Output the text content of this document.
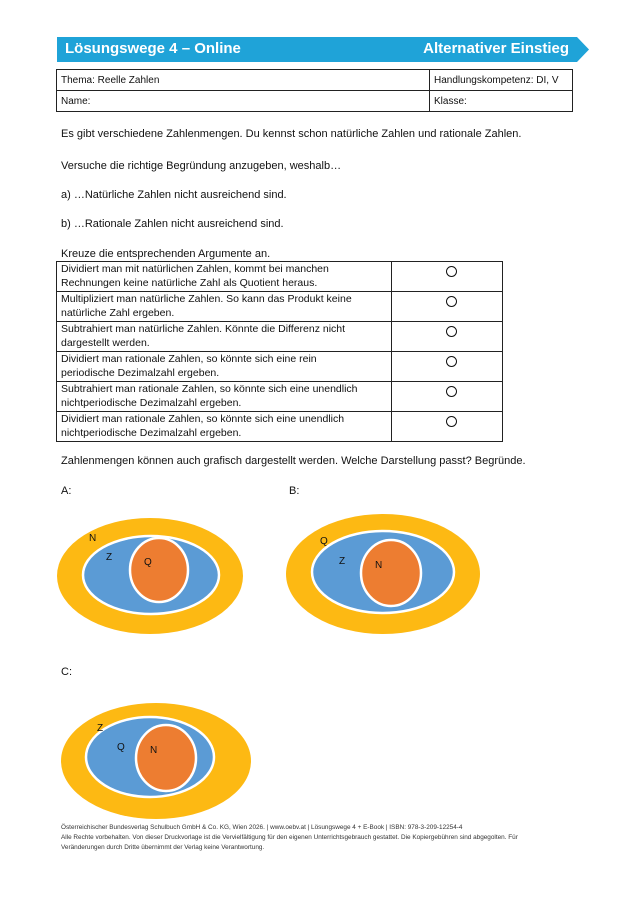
Lösungswege 4 – Online	Alternativer Einstieg
Thema: Reelle Zahlen	Handlungskompetenz: DI, V
Name:	Klasse:
Es gibt verschiedene Zahlenmengen. Du kennst schon natürliche Zahlen und rationale Zahlen.
Versuche die richtige Begründung anzugeben, weshalb…
a) …Natürliche Zahlen nicht ausreichend sind.
b) …Rationale Zahlen nicht ausreichend sind.
Kreuze die entsprechenden Argumente an.
Dividiert man mit natürlichen Zahlen, kommt bei manchen
Rechnungen keine natürliche Zahl als Quotient heraus.	

Multipliziert man natürliche Zahlen. So kann das Produkt keine
natürliche Zahl ergeben.	

Subtrahiert man natürliche Zahlen. Könnte die Differenz nicht
dargestellt werden.	

Dividiert man rationale Zahlen, so könnte sich eine rein
periodische Dezimalzahl ergeben.	

Subtrahiert man rationale Zahlen, so könnte sich eine unendlich
nichtperiodische Dezimalzahl ergeben.	

Dividiert man rationale Zahlen, so könnte sich eine unendlich
nichtperiodische Dezimalzahl ergeben.	

Zahlenmengen können auch grafisch dargestellt werden. Welche Darstellung passt? Begründe.
A:	B:
C:
N
Z	Q
Q
Z	N
Z
Q	N
Österreichischer Bundesverlag Schulbuch GmbH & Co. KG, Wien 2026. | www.oebv.at | Lösungswege 4 + E-Book | ISBN: 978-3-209-12254-4
Alle Rechte vorbehalten. Von dieser Druckvorlage ist die Vervielfältigung für den eigenen Unterrichtsgebrauch gestattet. Die Kopiergebühren sind abgegolten. Für
Veränderungen durch Dritte übernimmt der Verlag keine Verantwortung.
